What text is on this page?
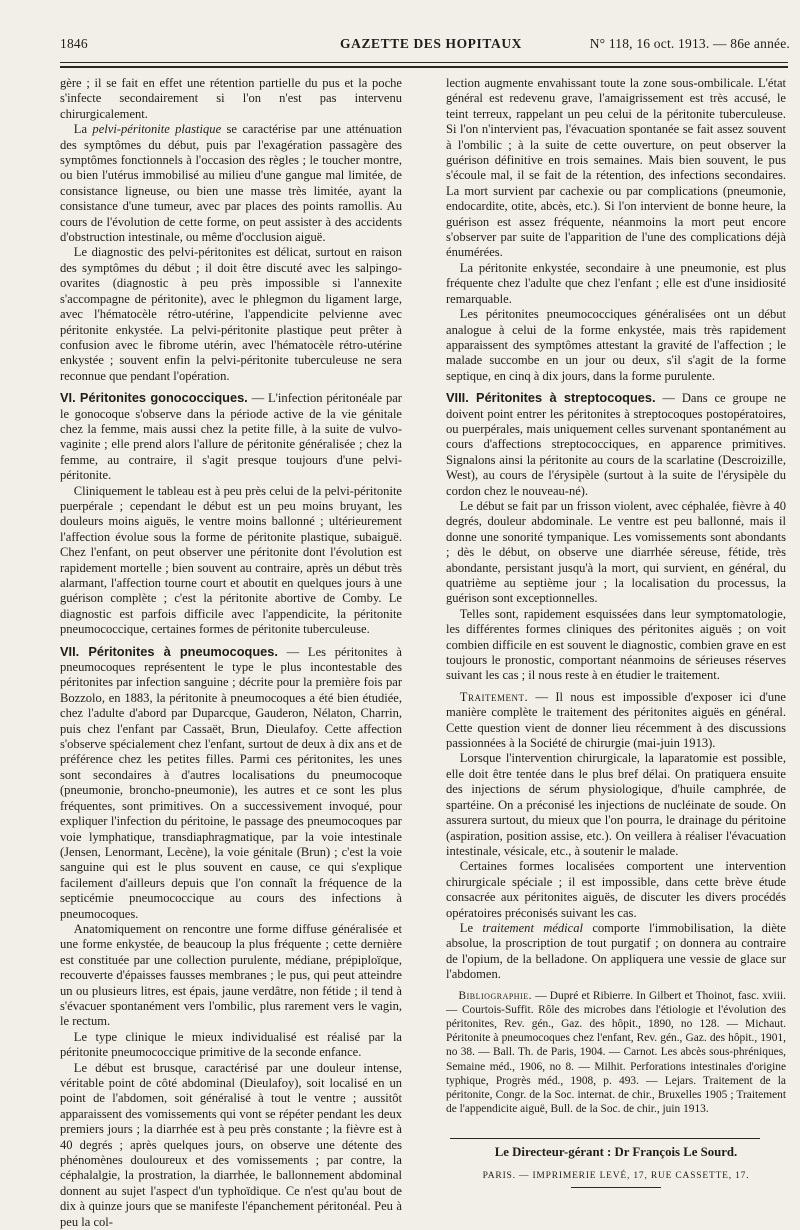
1846	GAZETTE DES HOPITAUX	N° 118, 16 oct. 1913. — 86e année.

gère ; il se fait en effet une rétention partielle du pus et la poche s'infecte secondairement si l'on n'est pas intervenu chirurgicalement.

La pelvi-péritonite plastique se caractérise par une atténuation des symptômes du début, puis par l'exagération passagère des symptômes fonctionnels à l'occasion des règles ; le toucher montre, ou bien l'utérus immobilisé au milieu d'une gangue mal limitée, de consistance ligneuse, ou bien une masse très limitée, ayant la consistance d'une tumeur, avec par places des points ramollis. Au cours de l'évolution de cette forme, on peut assister à des accidents d'obstruction intestinale, ou même d'occlusion aiguë.

Le diagnostic des pelvi-péritonites est délicat, surtout en raison des symptômes du début ; il doit être discuté avec les salpingo-ovarites (diagnostic à peu près impossible si l'annexite s'accompagne de péritonite), avec le phlegmon du ligament large, avec l'hématocèle rétro-utérine, l'appendicite pelvienne avec péritonite enkystée. La pelvi-péritonite plastique peut prêter à confusion avec le fibrome utérin, avec l'hématocèle rétro-utérine enkystée ; souvent enfin la pelvi-péritonite tuberculeuse ne sera reconnue que pendant l'opération.

VI. Péritonites gonococciques. — L'infection péritonéale par le gonocoque s'observe dans la période active de la vie génitale chez la femme, mais aussi chez la petite fille, à la suite de vulvo-vaginite ; elle prend alors l'allure de péritonite généralisée ; chez la femme, au contraire, il s'agit presque toujours d'une pelvi-péritonite.

Cliniquement le tableau est à peu près celui de la pelvi-péritonite puerpérale ; cependant le début est un peu moins bruyant, les douleurs moins aiguës, le ventre moins ballonné ; ultérieurement l'affection évolue sous la forme de péritonite plastique, subaiguë. Chez l'enfant, on peut observer une péritonite dont l'évolution est rapidement mortelle ; bien souvent au contraire, après un début très alarmant, l'affection tourne court et aboutit en quelques jours à une guérison complète ; c'est la péritonite abortive de Comby. Le diagnostic est parfois difficile avec l'appendicite, la péritonite pneumococcique, certaines formes de péritonite tuberculeuse.

VII. Péritonites à pneumocoques. — Les péritonites à pneumocoques représentent le type le plus incontestable des péritonites par infection sanguine ; décrite pour la première fois par Bozzolo, en 1883, la péritonite à pneumocoques a été bien étudiée, chez l'adulte d'abord par Duparcque, Gauderon, Nélaton, Charrin, puis chez l'enfant par Cassaët, Brun, Dieulafoy. Cette affection s'observe spécialement chez l'enfant, surtout de deux à dix ans et de préférence chez les petites filles. Parmi ces péritonites, les unes sont secondaires à d'autres localisations du pneumocoque (pneumonie, broncho-pneumonie), les autres et ce sont les plus fréquentes, sont primitives. On a successivement invoqué, pour expliquer l'infection du péritoine, le passage des pneumocoques par voie lymphatique, transdiaphragmatique, par la voie intestinale (Jensen, Lenormant, Lecène), la voie génitale (Brun) ; c'est la voie sanguine qui est le plus souvent en cause, ce qui s'explique facilement d'ailleurs depuis que l'on connaît la fréquence de la septicémie pneumococcique au cours des infections à pneumocoques.

Anatomiquement on rencontre une forme diffuse généralisée et une forme enkystée, de beaucoup la plus fréquente ; cette dernière est constituée par une collection purulente, médiane, prépiploïque, recouverte d'épaisses fausses membranes ; le pus, qui peut atteindre un ou plusieurs litres, est épais, jaune verdâtre, non fétide ; il tend à s'évacuer spontanément vers l'ombilic, plus rarement vers le vagin, le rectum.

Le type clinique le mieux individualisé est réalisé par la péritonite pneumococcique primitive de la seconde enfance.

Le début est brusque, caractérisé par une douleur intense, véritable point de côté abdominal (Dieulafoy), soit localisé en un point de l'abdomen, soit généralisé à tout le ventre ; aussitôt apparaissent des vomissements qui vont se répéter pendant les deux premiers jours ; la diarrhée est à peu près constante ; la fièvre est à 40 degrés ; après quelques jours, on observe une détente des phénomènes douloureux et des vomissements ; par contre, la céphalalgie, la prostration, la diarrhée, le ballonnement abdominal donnent au sujet l'aspect d'un typhoïdique. Ce n'est qu'au bout de dix à quinze jours que se manifeste l'épanchement péritonéal. Peu à peu la col-

lection augmente envahissant toute la zone sous-ombilicale. L'état général est redevenu grave, l'amaigrissement est très accusé, le teint terreux, rappelant un peu celui de la péritonite tuberculeuse. Si l'on n'intervient pas, l'évacuation spontanée se fait assez souvent à l'ombilic ; à la suite de cette ouverture, on peut observer la guérison définitive en trois semaines. Mais bien souvent, le pus s'écoule mal, il se fait de la rétention, des infections secondaires. La mort survient par cachexie ou par complications (pneumonie, endocardite, otite, abcès, etc.). Si l'on intervient de bonne heure, la guérison est assez fréquente, néanmoins la mort peut encore s'observer par suite de l'apparition de l'une des complications déjà énumérées.

La péritonite enkystée, secondaire à une pneumonie, est plus fréquente chez l'adulte que chez l'enfant ; elle est d'une insidiosité remarquable.

Les péritonites pneumococciques généralisées ont un début analogue à celui de la forme enkystée, mais très rapidement apparaissent des symptômes attestant la gravité de l'affection ; le malade succombe en un jour ou deux, s'il s'agit de la forme septique, en cinq à dix jours, dans la forme purulente.

VIII. Péritonites à streptocoques. — Dans ce groupe ne doivent point entrer les péritonites à streptocoques postopératoires, ou puerpérales, mais uniquement celles survenant spontanément au cours d'affections streptococciques, en apparence primitives. Signalons ainsi la péritonite au cours de la scarlatine (Descroizille, West), au cours de l'érysipèle (surtout à la suite de l'érysipèle du cordon chez le nouveau-né).

Le début se fait par un frisson violent, avec céphalée, fièvre à 40 degrés, douleur abdominale. Le ventre est peu ballonné, mais il donne une sonorité tympanique. Les vomissements sont abondants ; dès le début, on observe une diarrhée séreuse, fétide, très abondante, persistant jusqu'à la mort, qui survient, en général, du quatrième au septième jour ; la localisation du processus, la guérison sont exceptionnelles.

Telles sont, rapidement esquissées dans leur symptomatologie, les différentes formes cliniques des péritonites aiguës ; on voit combien difficile en est souvent le diagnostic, combien grave en est toujours le pronostic, comportant néanmoins de sérieuses réserves suivant les cas ; il nous reste à en étudier le traitement.

Traitement. — Il nous est impossible d'exposer ici d'une manière complète le traitement des péritonites aiguës en général. Cette question vient de donner lieu récemment à des discussions passionnées à la Société de chirurgie (mai-juin 1913).

Lorsque l'intervention chirurgicale, la laparatomie est possible, elle doit être tentée dans le plus bref délai. On pratiquera ensuite des injections de sérum physiologique, d'huile camphrée, de spartéine. On a préconisé les injections de nucléinate de soude. On assurera surtout, du mieux que l'on pourra, le drainage du péritoine (aspiration, position assise, etc.). On veillera à réaliser l'évacuation intestinale, vésicale, etc., à soutenir le malade.

Certaines formes localisées comportent une intervention chirurgicale spéciale ; il est impossible, dans cette brève étude consacrée aux péritonites aiguës, de discuter les divers procédés opératoires préconisés suivant les cas.

Le traitement médical comporte l'immobilisation, la diète absolue, la proscription de tout purgatif ; on donnera au contraire de l'opium, de la belladone. On appliquera une vessie de glace sur l'abdomen.

Bibliographie. — Dupré et Ribierre. In Gilbert et Thoinot, fasc. xviii. — Courtois-Suffit. Rôle des microbes dans l'étiologie et l'évolution des péritonites, Rev. gén., Gaz. des hôpit., 1890, no 128. — Michaut. Péritonite à pneumocoques chez l'enfant, Rev. gén., Gaz. des hôpit., 1901, no 38. — Ball. Th. de Paris, 1904. — Carnot. Les abcès sous-phréniques, Semaine méd., 1906, no 8. — Milhit. Perforations intestinales d'origine typhique, Progrès méd., 1908, p. 493. — Lejars. Traitement de la péritonite, Congr. de la Soc. internat. de chir., Bruxelles 1905 ; Traitement de l'appendicite aiguë, Bull. de la Soc. de chir., juin 1913.

Le Directeur-gérant : Dr François Le Sourd.
PARIS. — IMPRIMERIE LEVÉ, 17, RUE CASSETTE, 17.
